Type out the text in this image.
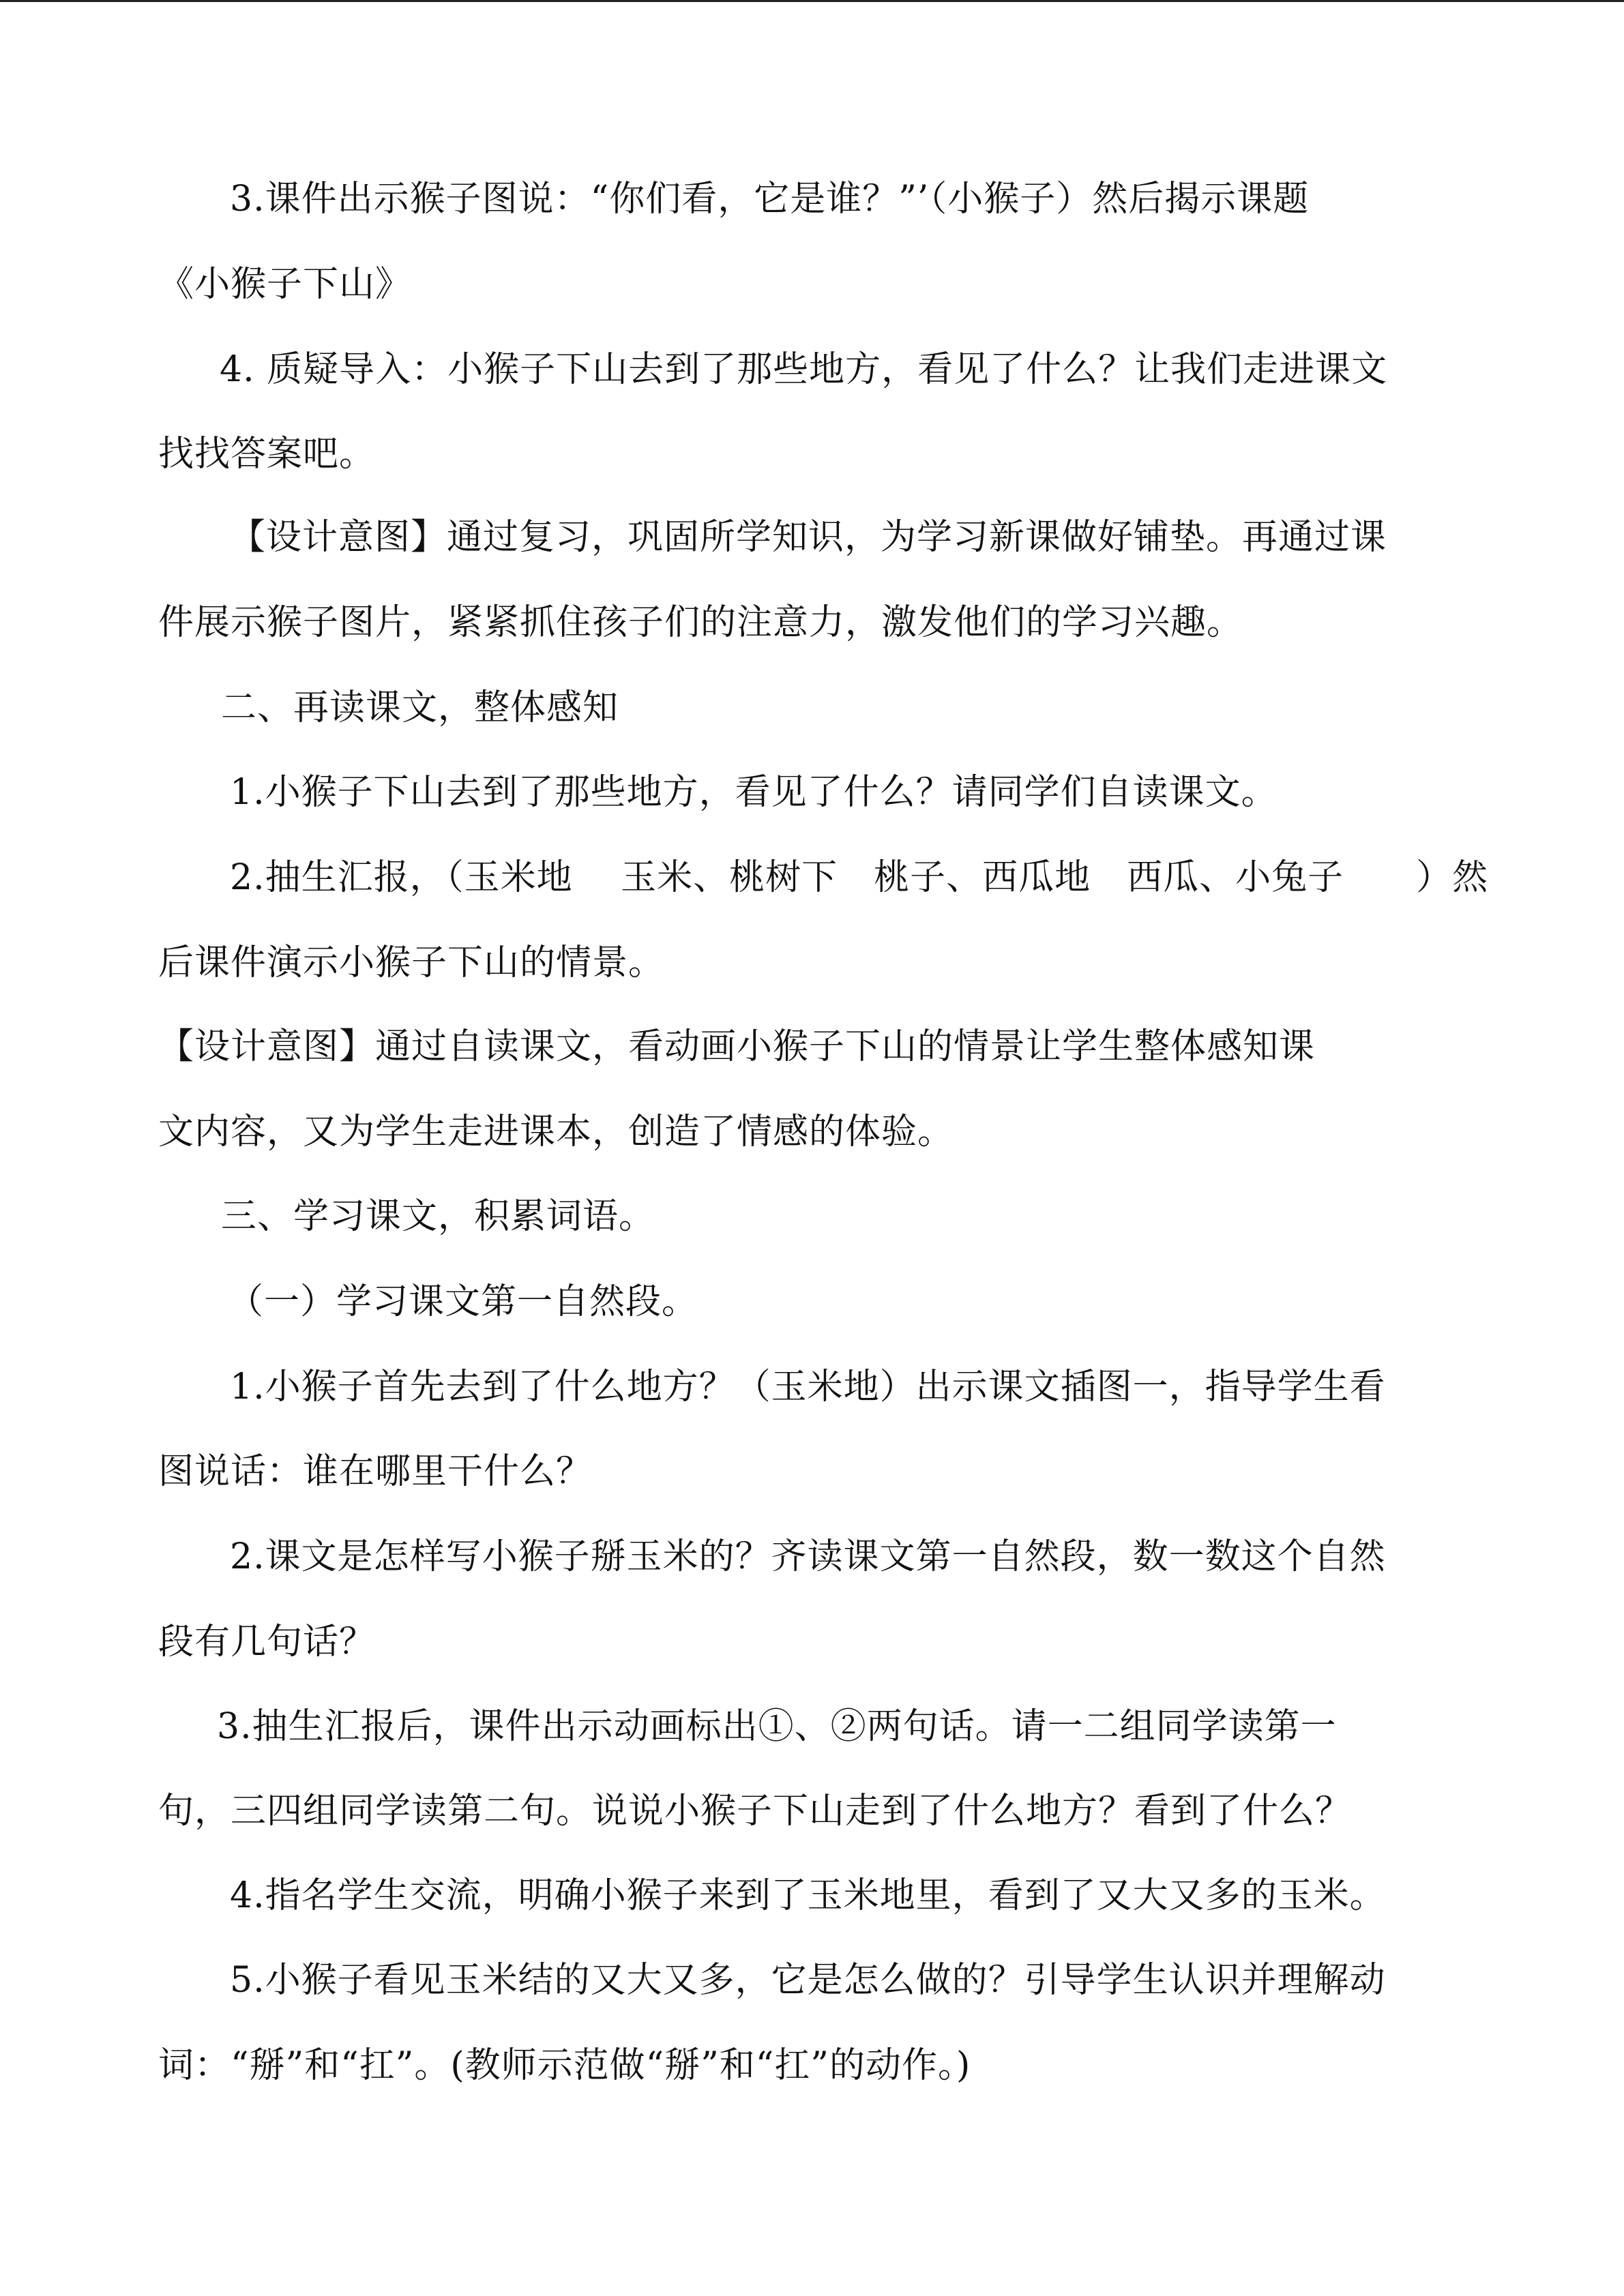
3.课件出示猴子图说：“你们看，它是谁？”’（小猴子）然后揭示课题
《小猴子下山》
4. 质疑导入：小猴子下山去到了那些地方，看见了什么？让我们走进课文
找找答案吧。
【设计意图】通过复习，巩固所学知识，为学习新课做好铺垫。再通过课
件展示猴子图片，紧紧抓住孩子们的注意力，激发他们的学习兴趣。
二、再读课文，整体感知
1.小猴子下山去到了那些地方，看见了什么？请同学们自读课文。
2.抽生汇报，（玉米地　 玉米、桃树下　桃子、西瓜地　西瓜、小兔子　　）然
后课件演示小猴子下山的情景。
【设计意图】通过自读课文，看动画小猴子下山的情景让学生整体感知课
文内容，又为学生走进课本，创造了情感的体验。
三、学习课文，积累词语。
（一）学习课文第一自然段。
1.小猴子首先去到了什么地方？（玉米地）出示课文插图一，指导学生看
图说话：谁在哪里干什么？
2.课文是怎样写小猴子掰玉米的？齐读课文第一自然段，数一数这个自然
段有几句话？
3.抽生汇报后，课件出示动画标出①、②两句话。请一二组同学读第一
句，三四组同学读第二句。说说小猴子下山走到了什么地方？看到了什么？
4.指名学生交流，明确小猴子来到了玉米地里，看到了又大又多的玉米。
5.小猴子看见玉米结的又大又多，它是怎么做的？引导学生认识并理解动
词：“掰”和“扛”。(教师示范做“掰”和“扛”的动作。)
